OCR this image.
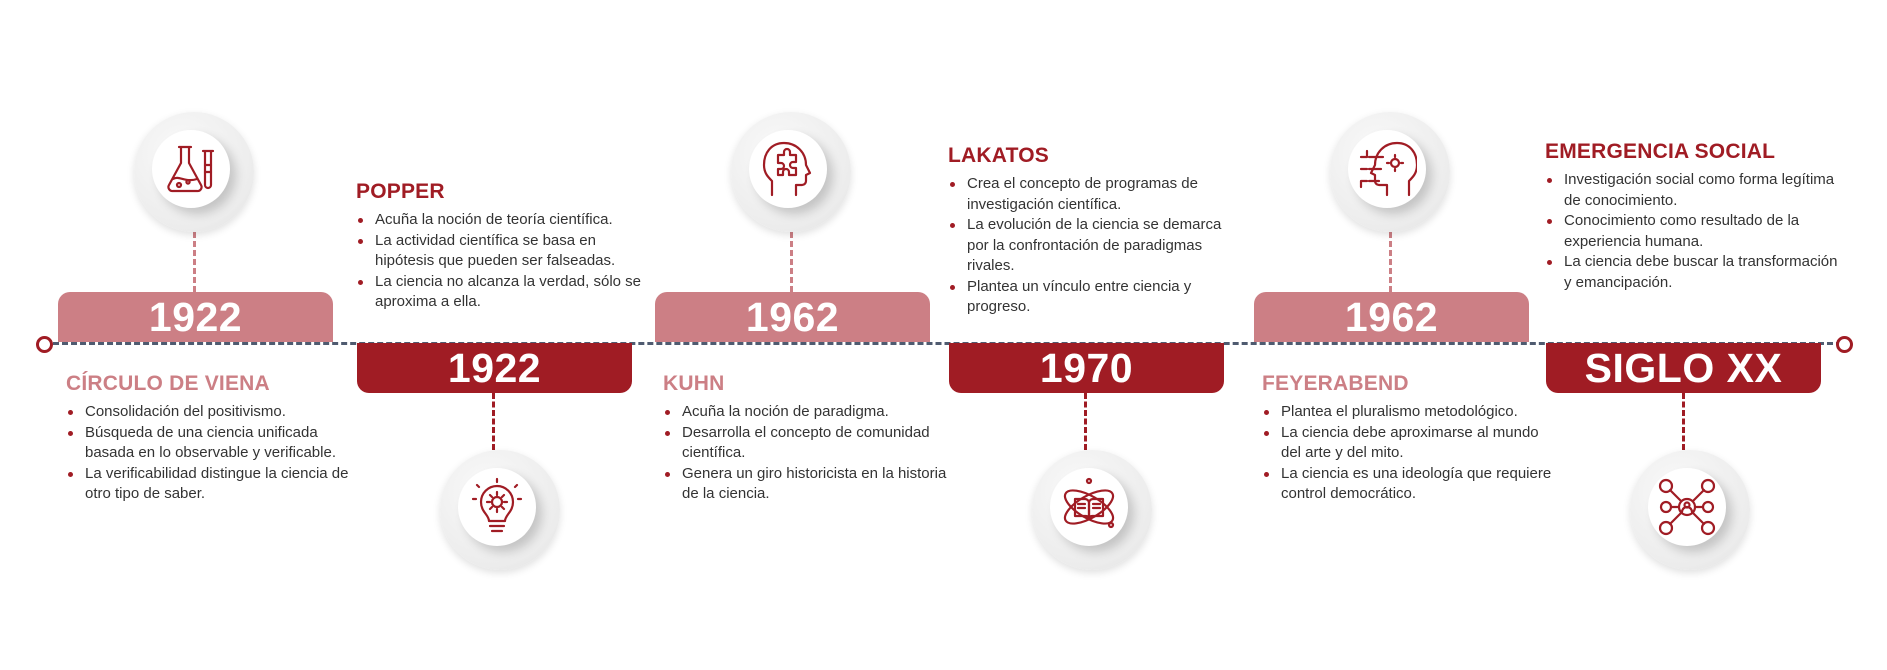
1922
CÍRCULO DE VIENA
Consolidación del positivismo.
Búsqueda de una ciencia unificada basada en lo observable y verificable.
La verificabilidad distingue la ciencia de otro tipo de saber.
POPPER
Acuña la noción de teoría científica.
La actividad científica se basa en hipótesis que pueden ser falseadas.
La ciencia no alcanza la verdad, sólo se aproxima a ella.
1922
1962
KUHN
Acuña la noción de paradigma.
Desarrolla el concepto de comunidad científica.
Genera un giro historicista en la historia de la ciencia.
LAKATOS
Crea el concepto de programas de investigación científica.
La evolución de la ciencia se demarca por la confrontación de paradigmas rivales.
Plantea un vínculo entre ciencia y progreso.
1970
1962
FEYERABEND
Plantea el pluralismo metodológico.
La ciencia debe aproximarse al mundo del arte y del mito.
La ciencia es una ideología que requiere control democrático.
EMERGENCIA SOCIAL
Investigación social como forma legítima de conocimiento.
Conocimiento como resultado de la experiencia humana.
La ciencia debe buscar la transformación y emancipación.
SIGLO XX
